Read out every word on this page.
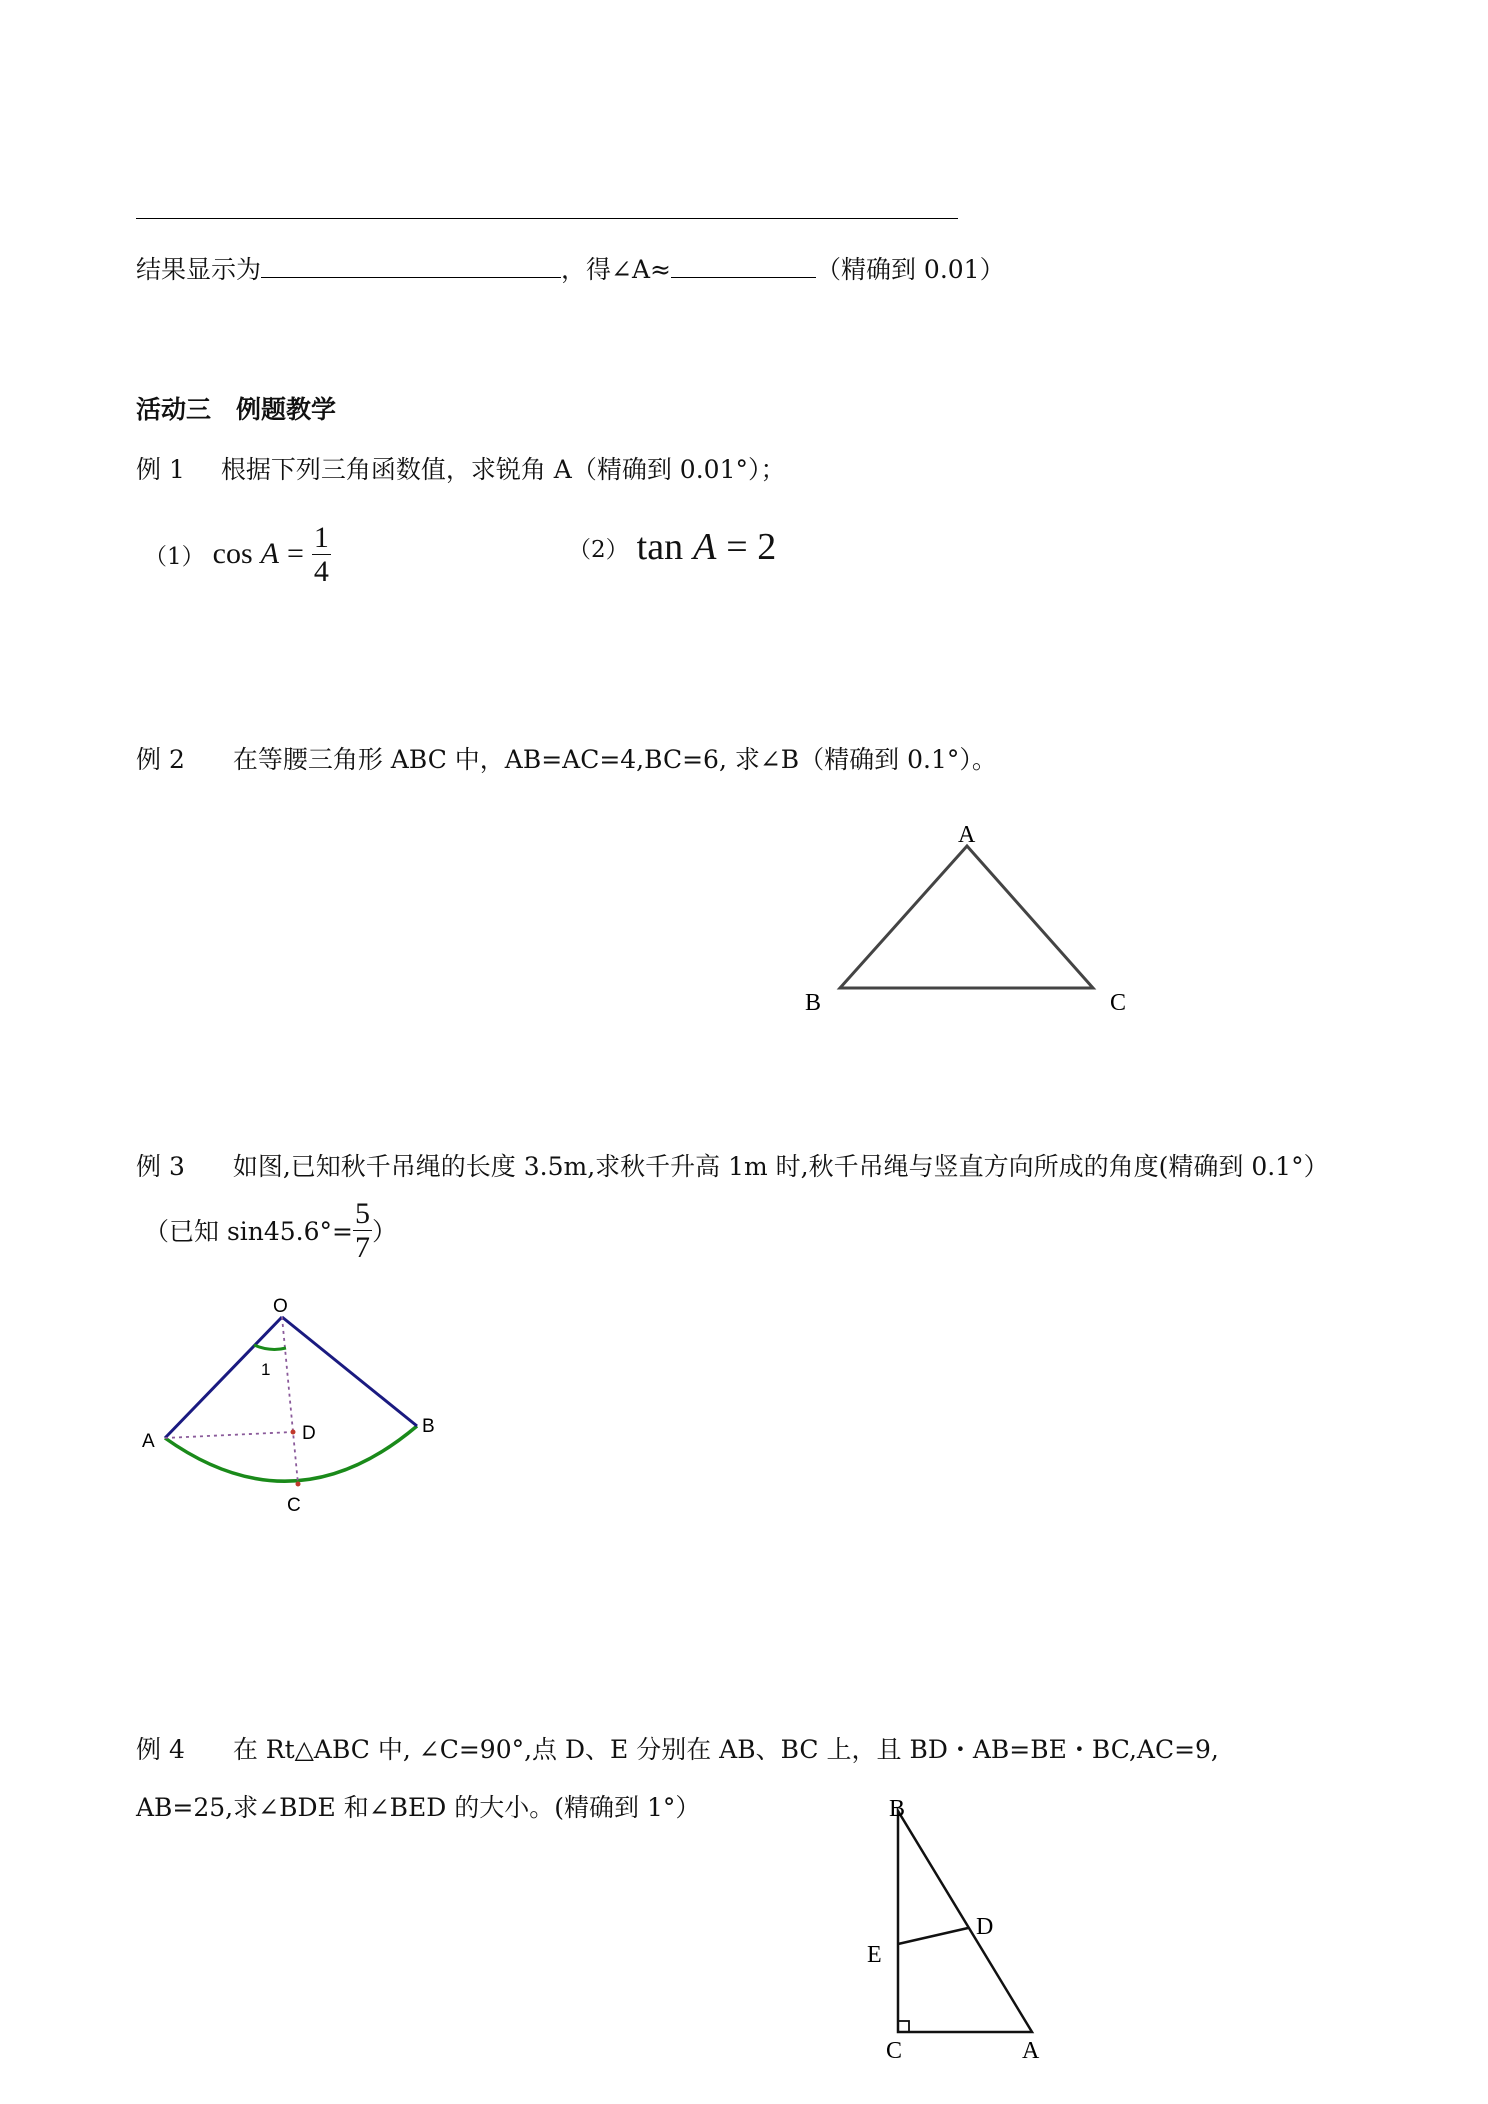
结果显示为	，得∠A≈	（精确到 0.01）
活动三　例题教学
例 1 根据下列三角函数值，求锐角 A（精确到 0.01°）；
（1） $\cos A = \frac{1}{4}$	（2） tan A = 2
例 2 在等腰三角形 ABC 中，AB=AC=4,BC=6, 求∠B（精确到 0.1°）。
A
B	C
例 3 如图,已知秋千吊绳的长度 3.5m,求秋千升高 1m 时,秋千吊绳与竖直方向所成的角度(精确到 0.1°）
（已知 $\sin 45.6^\circ= \frac{5}{7}$ ）
O
A
B
C
D
1
例 4 在 Rt△ABC 中, ∠C=90°,点 D、E 分别在 AB、BC 上，且 BD・AB=BE・BC,AC=9,
AB=25,求∠BDE 和∠BED 的大小。(精确到 1°）	B
D
E
C	A
